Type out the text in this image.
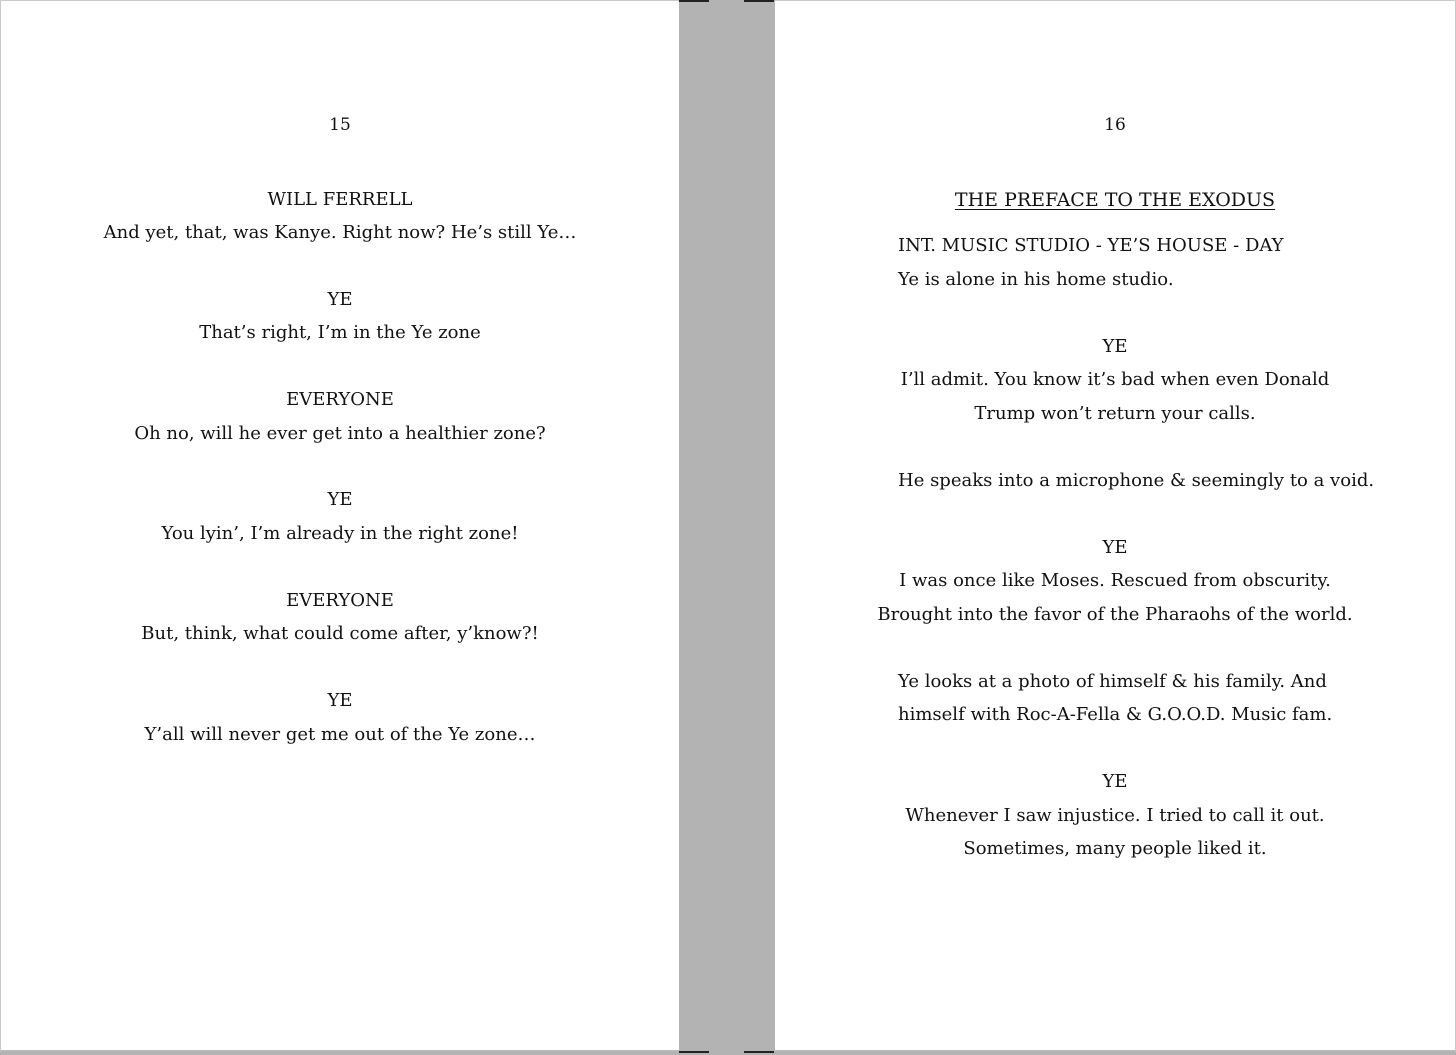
15
WILL FERRELL
And yet, that, was Kanye. Right now? He’s still Ye…
YE
That’s right, I’m in the Ye zone
EVERYONE
Oh no, will he ever get into a healthier zone?
YE
You lyin’, I’m already in the right zone!
EVERYONE
But, think, what could come after, y’know?!
YE
Y’all will never get me out of the Ye zone…
16
THE PREFACE TO THE EXODUS
INT. MUSIC STUDIO - YE’S HOUSE - DAY
Ye is alone in his home studio.
YE
I’ll admit. You know it’s bad when even Donald
Trump won’t return your calls.
He speaks into a microphone & seemingly to a void.
YE
I was once like Moses. Rescued from obscurity.
Brought into the favor of the Pharaohs of the world.
Ye looks at a photo of himself & his family. And
himself with Roc-A-Fella & G.O.O.D. Music fam.
YE
Whenever I saw injustice. I tried to call it out.
Sometimes, many people liked it.
